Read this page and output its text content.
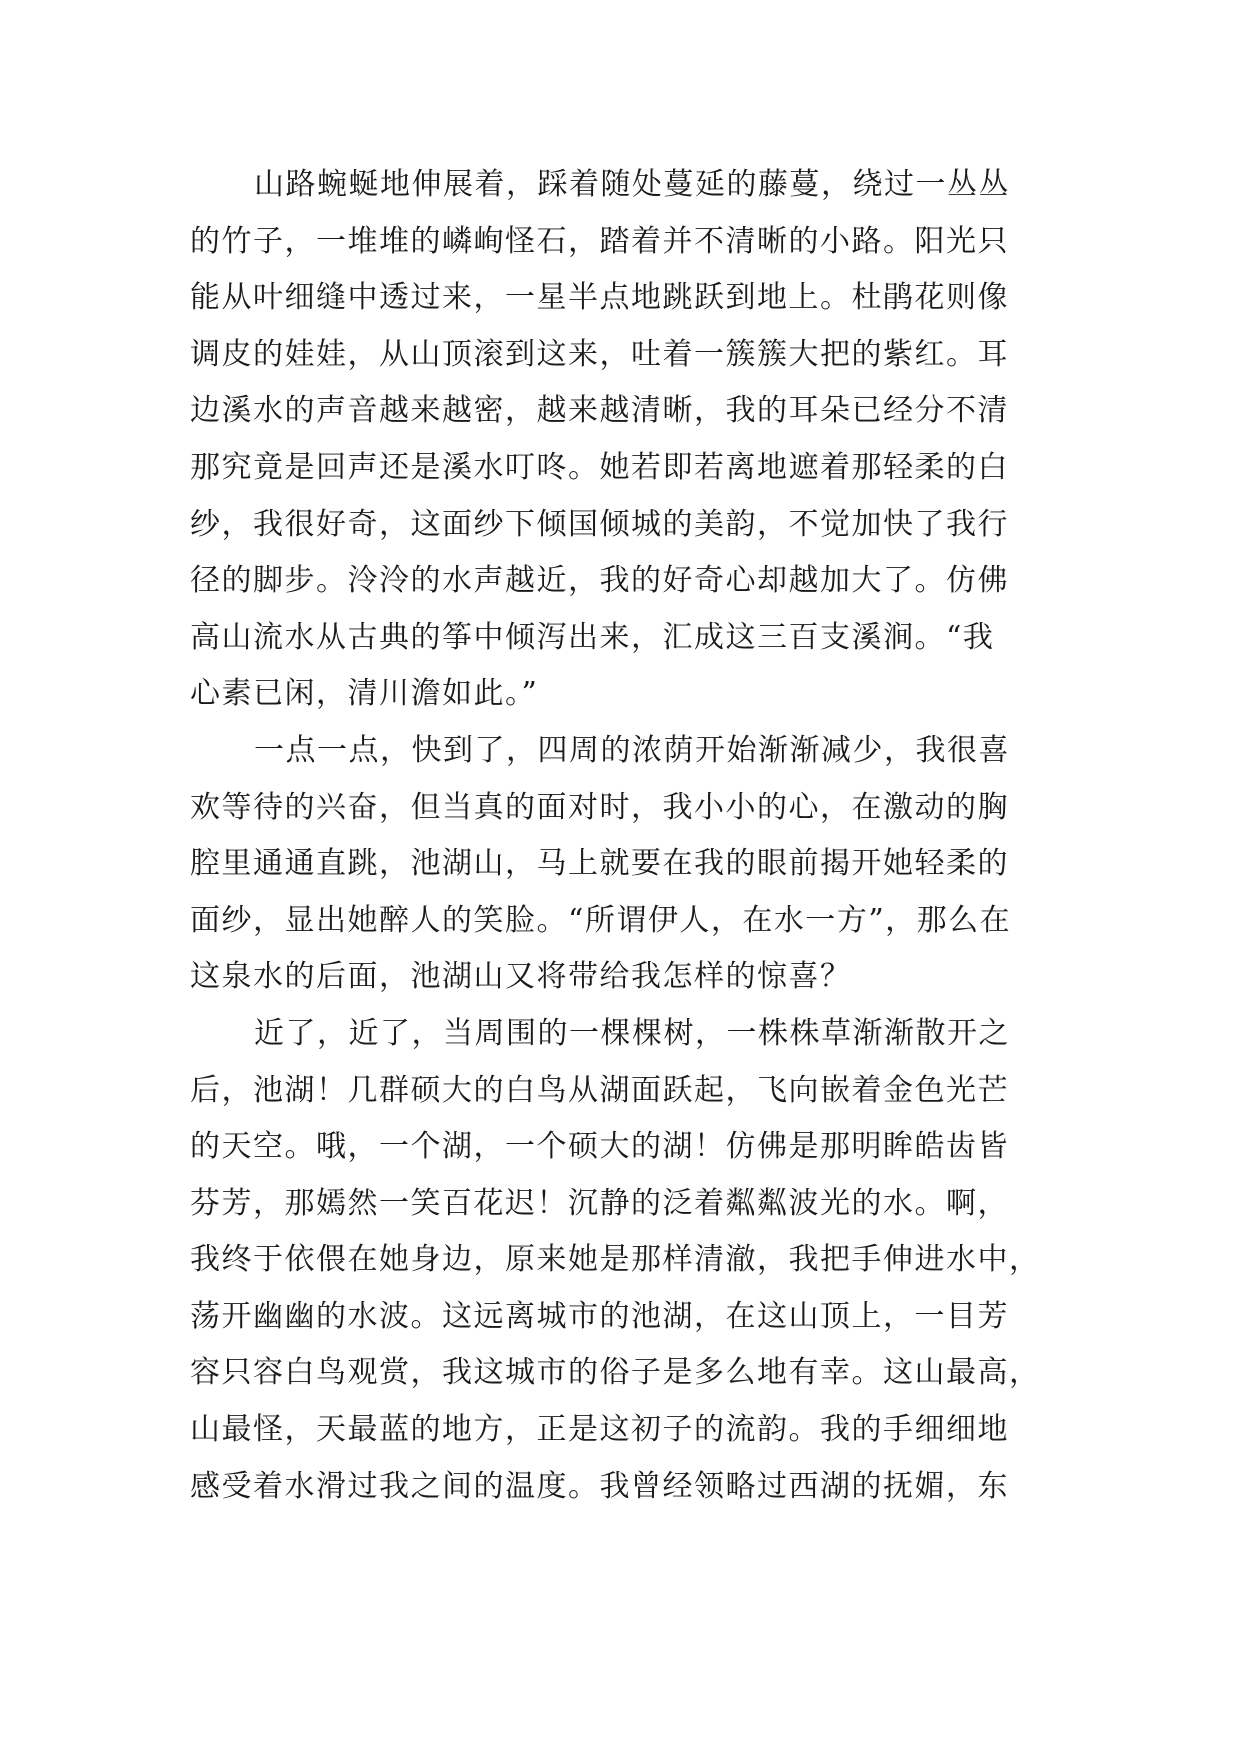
山路蜿蜒地伸展着，踩着随处蔓延的藤蔓，绕过一丛丛
的竹子，一堆堆的嶙峋怪石，踏着并不清晰的小路。阳光只
能从叶细缝中透过来，一星半点地跳跃到地上。杜鹃花则像
调皮的娃娃，从山顶滚到这来，吐着一簇簇大把的紫红。耳
边溪水的声音越来越密，越来越清晰，我的耳朵已经分不清
那究竟是回声还是溪水叮咚。她若即若离地遮着那轻柔的白
纱，我很好奇，这面纱下倾国倾城的美韵，不觉加快了我行
径的脚步。泠泠的水声越近，我的好奇心却越加大了。仿佛
高山流水从古典的筝中倾泻出来，汇成这三百支溪涧。“我
心素已闲，清川澹如此。”
一点一点，快到了，四周的浓荫开始渐渐减少，我很喜
欢等待的兴奋，但当真的面对时，我小小的心，在激动的胸
腔里通通直跳，池湖山，马上就要在我的眼前揭开她轻柔的
面纱，显出她醉人的笑脸。“所谓伊人，在水一方”，那么在
这泉水的后面，池湖山又将带给我怎样的惊喜？
近了，近了，当周围的一棵棵树，一株株草渐渐散开之
后，池湖！几群硕大的白鸟从湖面跃起，飞向嵌着金色光芒
的天空。哦，一个湖，一个硕大的湖！仿佛是那明眸皓齿皆
芬芳，那嫣然一笑百花迟！沉静的泛着粼粼波光的水。啊，
我终于依偎在她身边，原来她是那样清澈，我把手伸进水中，
荡开幽幽的水波。这远离城市的池湖，在这山顶上，一目芳
容只容白鸟观赏，我这城市的俗子是多么地有幸。这山最高，
山最怪，天最蓝的地方，正是这初子的流韵。我的手细细地
感受着水滑过我之间的温度。我曾经领略过西湖的抚媚，东
